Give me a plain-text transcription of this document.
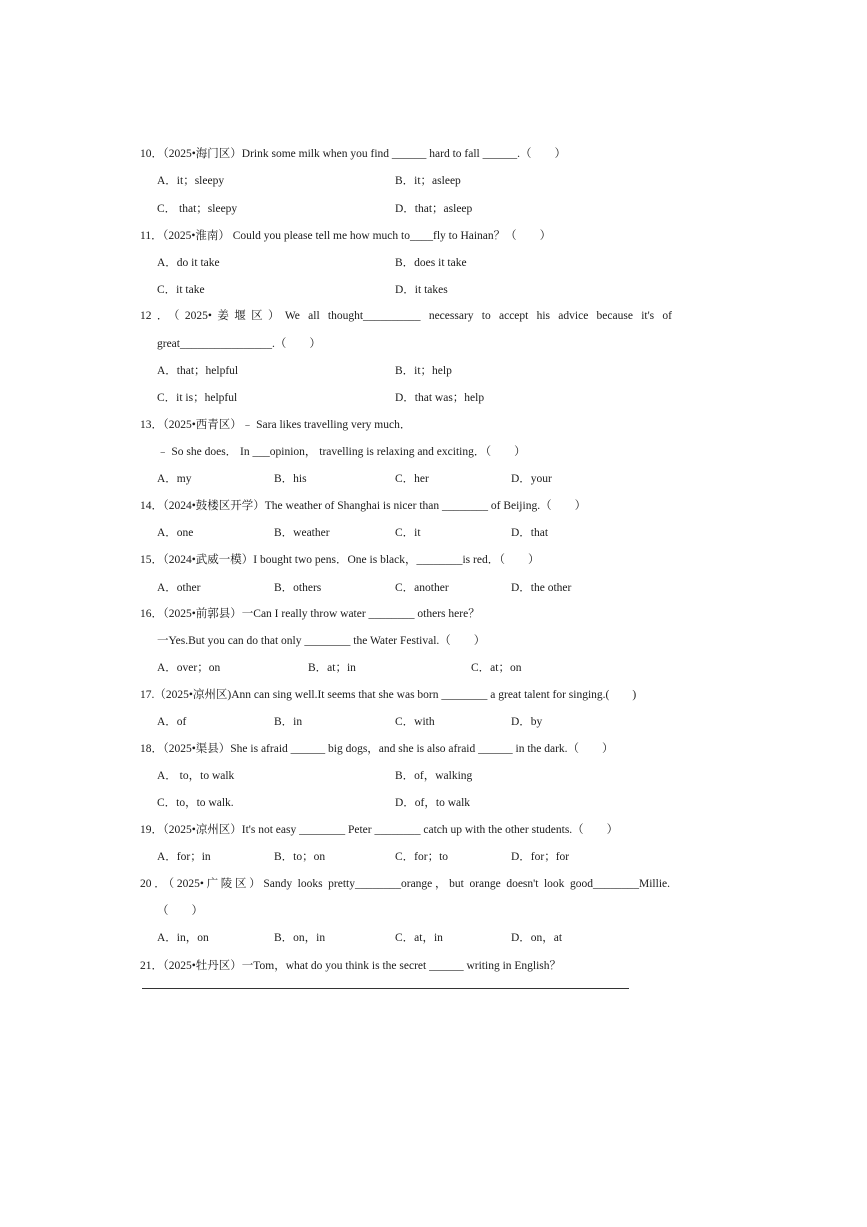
10．（2025•海门区）Drink some milk when you find ______ hard to fall ______.（　　）
A．it；sleepy	B．it；asleep
C． that；sleepy	D．that；asleep
11．（2025•淮南） Could you please tell me how much to____fly to Hainan？（　　）
A．do it take	B．does it take
C．it take	D．it takes
12．（2025•姜堰区）We all thought__________ necessary to accept his advice because it's of
great________________.（　　）
A．that；helpful	B．it；help
C．it is；helpful	D．that was；help
13．（2025•西青区）﹣ Sara likes travelling very much．
﹣ So she does． In ___opinion， travelling is relaxing and exciting．（　　）
A．my	B．his	C．her	D．your
14．（2024•鼓楼区开学）The weather of Shanghai is nicer than ________ of Beijing.（　　）
A．one	B．weather	C．it	D．that
15．（2024•武威一模）I bought two pens．One is black，________is red．（　　）
A．other	B．others	C．another	D．the other
16．（2025•前郭县）一Can I really throw water ________ others here？
一Yes.But you can do that only ________ the Water Festival.（　　）
A．over；on	B．at；in	C．at；on
17.（2025•凉州区)Ann can sing well.It seems that she was born ________ a great talent for singing.(　　)
A．of	B．in	C．with	D．by
18．（2025•渠县）She is afraid ______ big dogs，and she is also afraid ______ in the dark.（　　）
A． to，to walk	B．of，walking
C．to，to walk.	D．of，to walk
19．（2025•凉州区）It's not easy ________ Peter ________ catch up with the other students.（　　）
A．for；in	B．to；on	C．for；to	D．for；for
20．（2025•广陵区）Sandy looks pretty________orange，but orange doesn't look good________Millie.
（　　）
A．in，on	B．on，in	C．at，in	D．on，at
21．（2025•牡丹区）一Tom，what do you think is the secret ______ writing in English？
